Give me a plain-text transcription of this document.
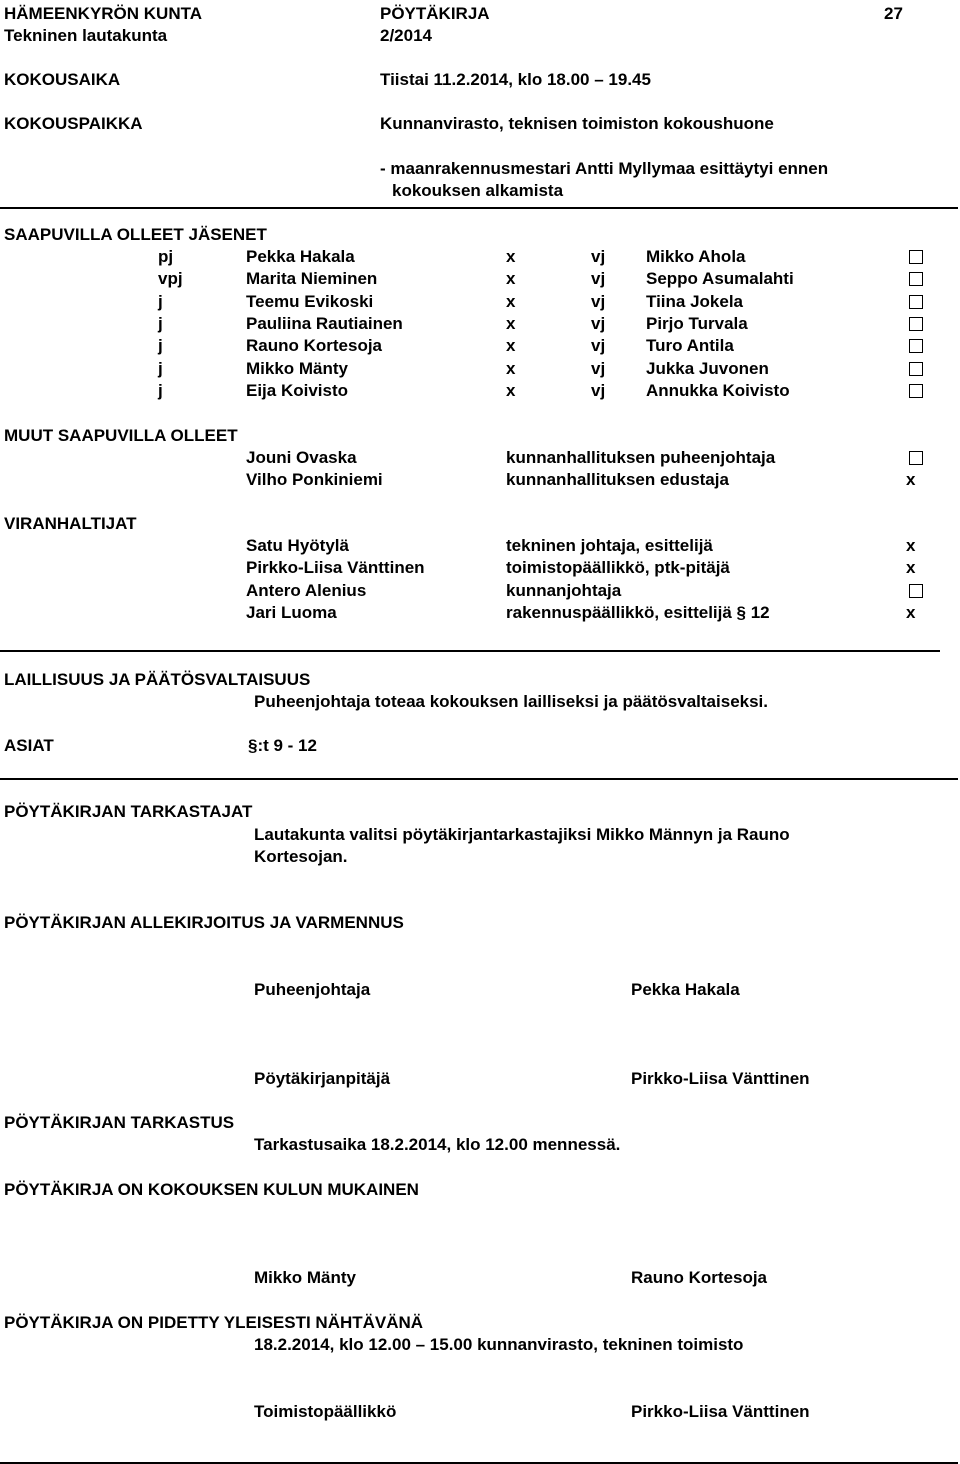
HÄMEENKYRÖN KUNTA
Tekninen lautakunta
PÖYTÄKIRJA
2/2014
27
KOKOUSAIKA	Tiistai 11.2.2014, klo 18.00 – 19.45
KOKOUSPAIKKA	Kunnanvirasto, teknisen toimiston kokoushuone
- maanrakennusmestari Antti Myllymaa esittäytyi ennen
kokouksen alkamista
SAAPUVILLA OLLEET JÄSENET
pj	Pekka Hakala	x	vj Mikko Ahola
vpj	Marita Nieminen	x	vj Seppo Asumalahti
j	Teemu Evikoski	x	vj Tiina Jokela
j	Pauliina Rautiainen	x	vj Pirjo Turvala
j	Rauno Kortesoja	x	vj Turo Antila
j	Mikko Mänty	x	vj Jukka Juvonen
j	Eija Koivisto	x	vj Annukka Koivisto
MUUT SAAPUVILLA OLLEET
Jouni Ovaska	kunnanhallituksen puheenjohtaja
Vilho Ponkiniemi	kunnanhallituksen edustaja	x
VIRANHALTIJAT
Satu Hyötylä	tekninen johtaja, esittelijä	x
Pirkko-Liisa Vänttinen	toimistopäällikkö, ptk-pitäjä	x
Antero Alenius	kunnanjohtaja
Jari Luoma	rakennuspäällikkö, esittelijä § 12	x
LAILLISUUS JA PÄÄTÖSVALTAISUUS
Puheenjohtaja toteaa kokouksen lailliseksi ja päätösvaltaiseksi.
ASIAT	§:t 9 - 12
PÖYTÄKIRJAN TARKASTAJAT
Lautakunta valitsi pöytäkirjantarkastajiksi Mikko Männyn ja Rauno
Kortesojan.
PÖYTÄKIRJAN ALLEKIRJOITUS JA VARMENNUS
Puheenjohtaja	Pekka Hakala
Pöytäkirjanpitäjä	Pirkko-Liisa Vänttinen
PÖYTÄKIRJAN TARKASTUS
Tarkastusaika 18.2.2014, klo 12.00 mennessä.
PÖYTÄKIRJA ON KOKOUKSEN KULUN MUKAINEN
Mikko Mänty	Rauno Kortesoja
PÖYTÄKIRJA ON PIDETTY YLEISESTI NÄHTÄVÄNÄ
18.2.2014, klo 12.00 – 15.00 kunnanvirasto, tekninen toimisto
Toimistopäällikkö	Pirkko-Liisa Vänttinen
